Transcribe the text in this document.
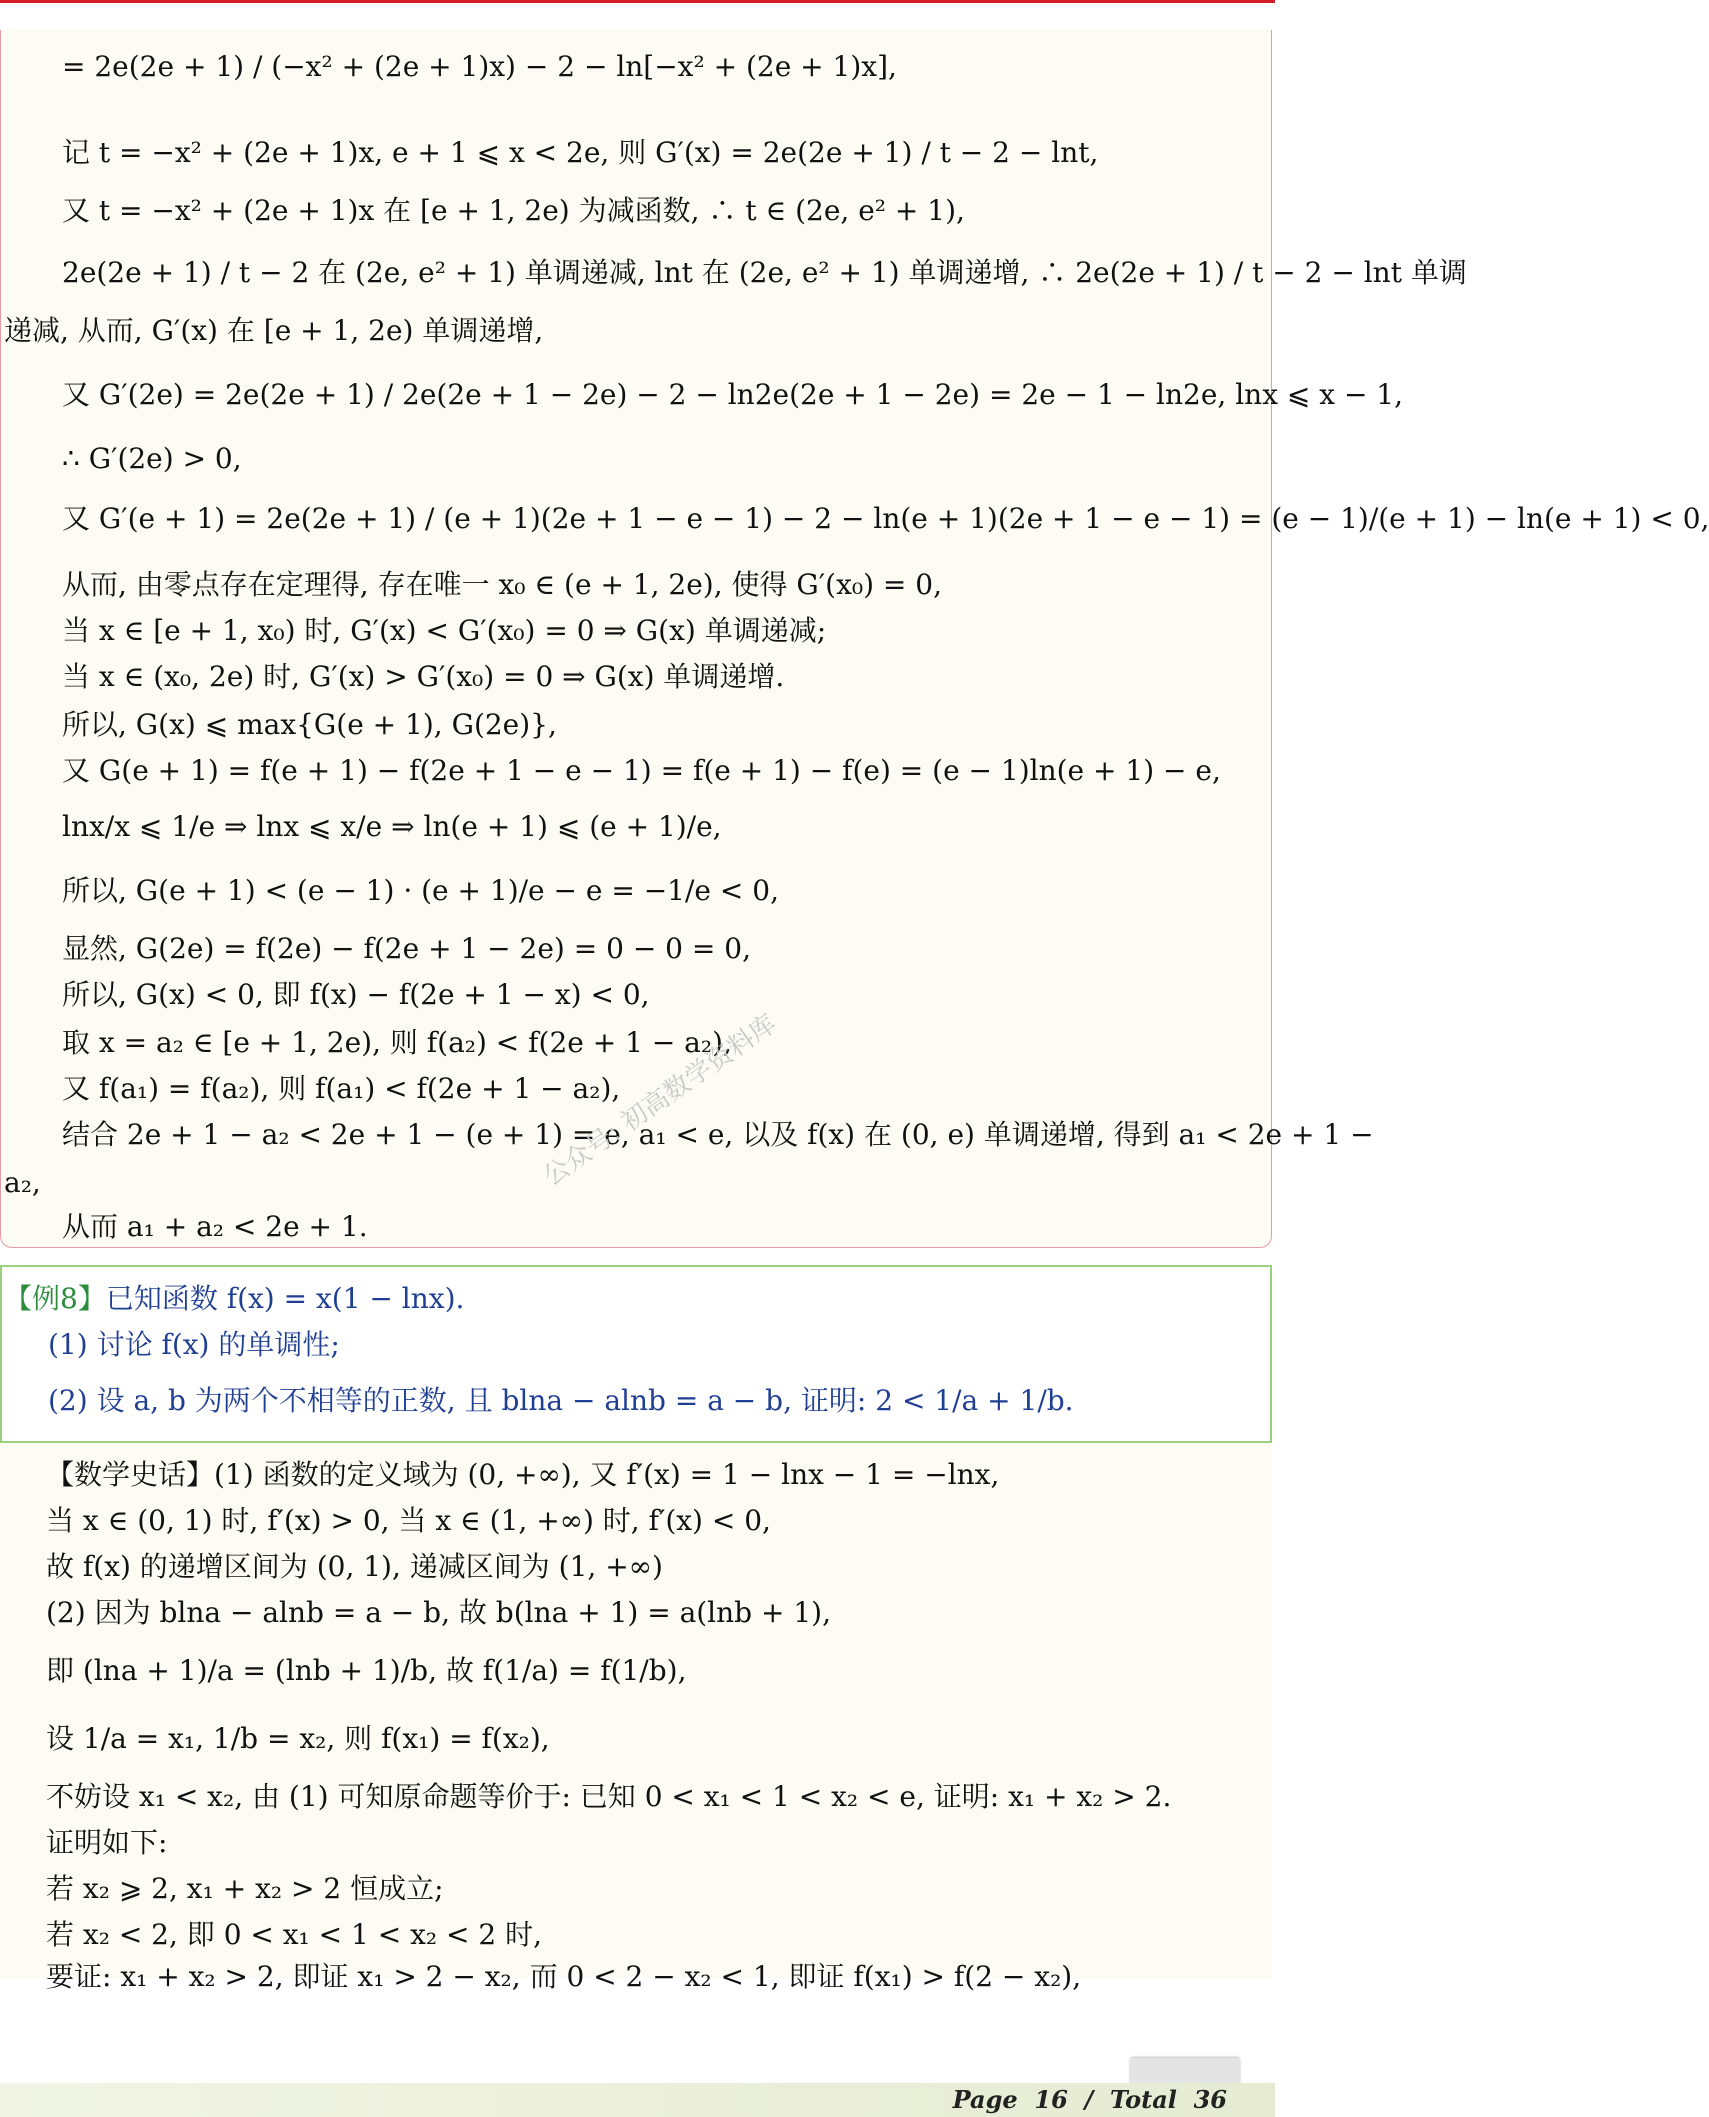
= 2e(2e + 1) / (−x² + (2e + 1)x) − 2 − ln[−x² + (2e + 1)x],
记 t = −x² + (2e + 1)x, e + 1 ⩽ x < 2e, 则 G′(x) = 2e(2e + 1) / t − 2 − lnt,
又 t = −x² + (2e + 1)x 在 [e + 1, 2e) 为减函数, ∴ t ∈ (2e, e² + 1),
2e(2e + 1) / t − 2 在 (2e, e² + 1) 单调递减, lnt 在 (2e, e² + 1) 单调递增, ∴ 2e(2e + 1) / t − 2 − lnt 单调
递减, 从而, G′(x) 在 [e + 1, 2e) 单调递增,
又 G′(2e) = 2e(2e + 1) / 2e(2e + 1 − 2e) − 2 − ln2e(2e + 1 − 2e) = 2e − 1 − ln2e, lnx ⩽ x − 1,
∴ G′(2e) > 0,
又 G′(e + 1) = 2e(2e + 1) / (e + 1)(2e + 1 − e − 1) − 2 − ln(e + 1)(2e + 1 − e − 1) = (e − 1)/(e + 1) − ln(e + 1) < 0,
从而, 由零点存在定理得, 存在唯一 x₀ ∈ (e + 1, 2e), 使得 G′(x₀) = 0,
当 x ∈ [e + 1, x₀) 时, G′(x) < G′(x₀) = 0 ⇒ G(x) 单调递减;
当 x ∈ (x₀, 2e) 时, G′(x) > G′(x₀) = 0 ⇒ G(x) 单调递增.
所以, G(x) ⩽ max{G(e + 1), G(2e)},
又 G(e + 1) = f(e + 1) − f(2e + 1 − e − 1) = f(e + 1) − f(e) = (e − 1)ln(e + 1) − e,
lnx/x ⩽ 1/e ⇒ lnx ⩽ x/e ⇒ ln(e + 1) ⩽ (e + 1)/e,
所以, G(e + 1) < (e − 1) · (e + 1)/e − e = −1/e < 0,
显然, G(2e) = f(2e) − f(2e + 1 − 2e) = 0 − 0 = 0,
所以, G(x) < 0, 即 f(x) − f(2e + 1 − x) < 0,
取 x = a₂ ∈ [e + 1, 2e), 则 f(a₂) < f(2e + 1 − a₂),
又 f(a₁) = f(a₂), 则 f(a₁) < f(2e + 1 − a₂),
结合 2e + 1 − a₂ < 2e + 1 − (e + 1) = e, a₁ < e, 以及 f(x) 在 (0, e) 单调递增, 得到 a₁ < 2e + 1 −
a₂,
从而 a₁ + a₂ < 2e + 1.
公众号: 初高数学资料库
【例8】已知函数 f(x) = x(1 − lnx).
(1) 讨论 f(x) 的单调性;
(2) 设 a, b 为两个不相等的正数, 且 blna − alnb = a − b, 证明: 2 < 1/a + 1/b.
【数学史话】(1) 函数的定义域为 (0, +∞), 又 f′(x) = 1 − lnx − 1 = −lnx,
当 x ∈ (0, 1) 时, f′(x) > 0, 当 x ∈ (1, +∞) 时, f′(x) < 0,
故 f(x) 的递增区间为 (0, 1), 递减区间为 (1, +∞)
(2) 因为 blna − alnb = a − b, 故 b(lna + 1) = a(lnb + 1),
即 (lna + 1)/a = (lnb + 1)/b, 故 f(1/a) = f(1/b),
设 1/a = x₁, 1/b = x₂, 则 f(x₁) = f(x₂),
不妨设 x₁ < x₂, 由 (1) 可知原命题等价于: 已知 0 < x₁ < 1 < x₂ < e, 证明: x₁ + x₂ > 2.
证明如下:
若 x₂ ⩾ 2, x₁ + x₂ > 2 恒成立;
若 x₂ < 2, 即 0 < x₁ < 1 < x₂ < 2 时,
要证: x₁ + x₂ > 2, 即证 x₁ > 2 − x₂, 而 0 < 2 − x₂ < 1, 即证 f(x₁) > f(2 − x₂),
Page 16 / Total 36
